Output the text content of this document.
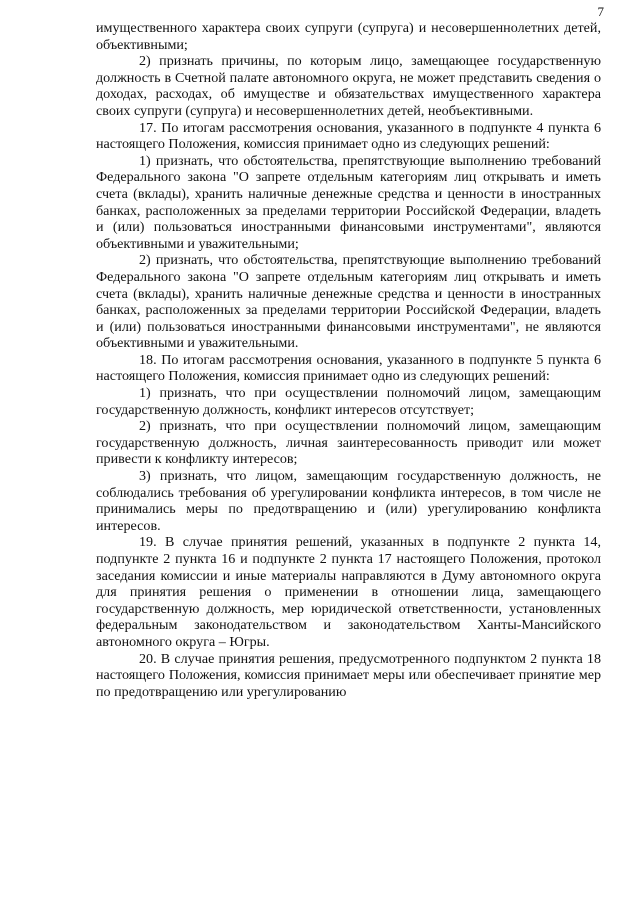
7

имущественного характера своих супруги (супруга) и несовершеннолетних детей, объективными;

2) признать причины, по которым лицо, замещающее государственную должность в Счетной палате автономного округа, не может представить сведения о доходах, расходах, об имуществе и обязательствах имущественного характера своих супруги (супруга) и несовершеннолетних детей, необъективными.

17. По итогам рассмотрения основания, указанного в подпункте 4 пункта 6 настоящего Положения, комиссия принимает одно из следующих решений:

1) признать, что обстоятельства, препятствующие выполнению требований Федерального закона "О запрете отдельным категориям лиц открывать и иметь счета (вклады), хранить наличные денежные средства и ценности в иностранных банках, расположенных за пределами территории Российской Федерации, владеть и (или) пользоваться иностранными финансовыми инструментами", являются объективными и уважительными;

2) признать, что обстоятельства, препятствующие выполнению требований Федерального закона "О запрете отдельным категориям лиц открывать и иметь счета (вклады), хранить наличные денежные средства и ценности в иностранных банках, расположенных за пределами территории Российской Федерации, владеть и (или) пользоваться иностранными финансовыми инструментами", не являются объективными и уважительными.

18. По итогам рассмотрения основания, указанного в подпункте 5 пункта 6 настоящего Положения, комиссия принимает одно из следующих решений:

1) признать, что при осуществлении полномочий лицом, замещающим государственную должность, конфликт интересов отсутствует;

2) признать, что при осуществлении полномочий лицом, замещающим государственную должность, личная заинтересованность приводит или может привести к конфликту интересов;

3) признать, что лицом, замещающим государственную должность, не соблюдались требования об урегулировании конфликта интересов, в том числе не принимались меры по предотвращению и (или) урегулированию конфликта интересов.

19. В случае принятия решений, указанных в подпункте 2 пункта 14, подпункте 2 пункта 16 и подпункте 2 пункта 17 настоящего Положения, протокол заседания комиссии и иные материалы направляются в Думу автономного округа для принятия решения о применении в отношении лица, замещающего государственную должность, мер юридической ответственности, установленных федеральным законодательством и законодательством Ханты-Мансийского автономного округа – Югры.

20. В случае принятия решения, предусмотренного подпунктом 2 пункта 18 настоящего Положения, комиссия принимает меры или обеспечивает принятие мер по предотвращению или урегулированию
